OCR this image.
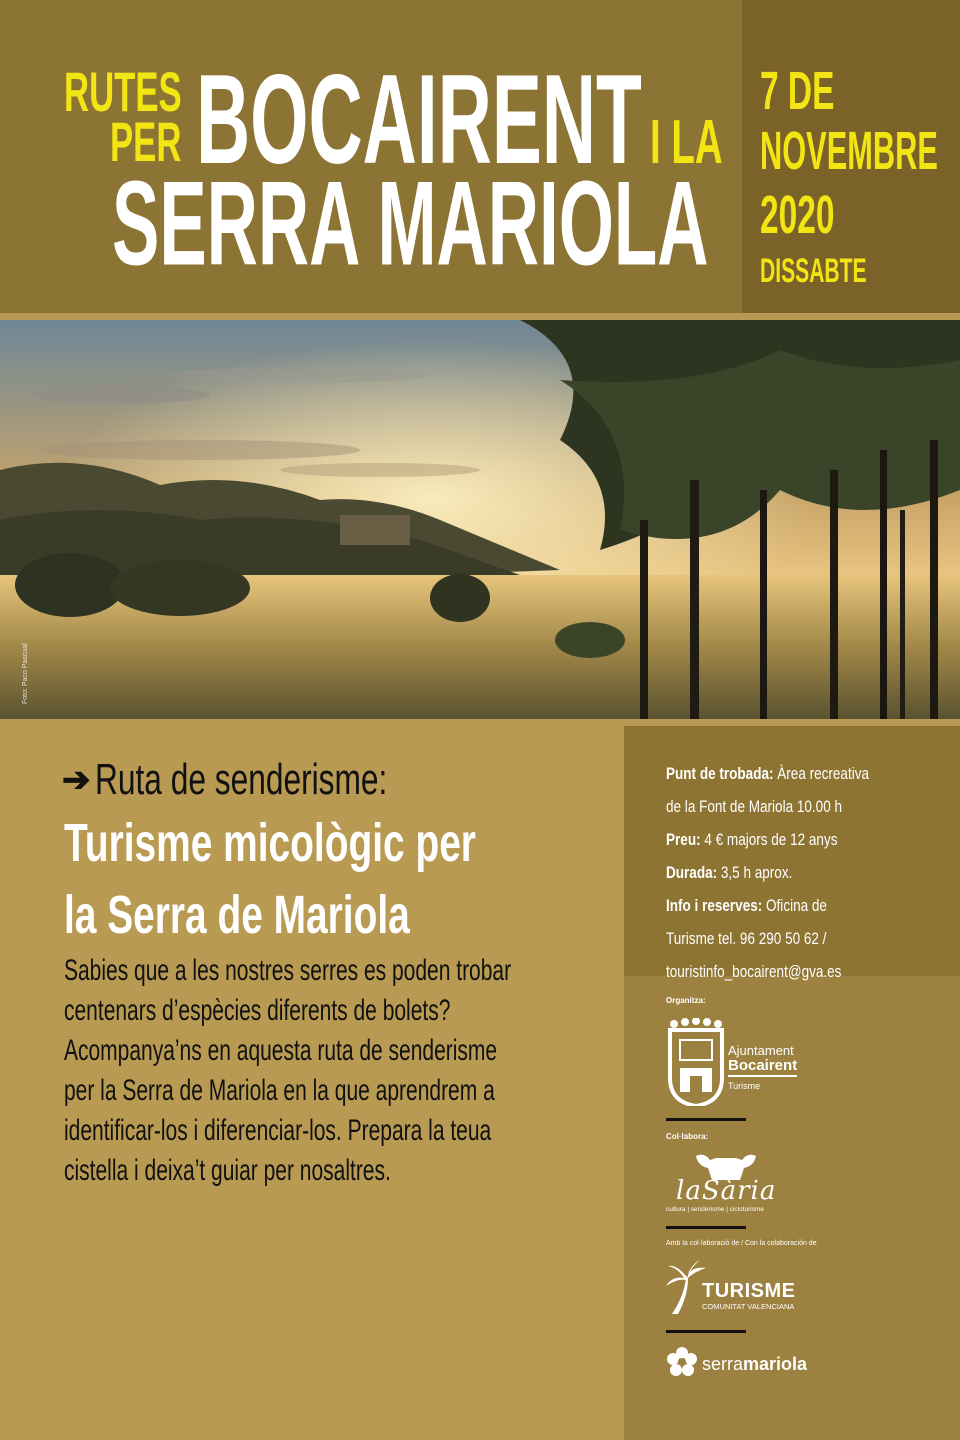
RUTES
PER BOCAIRENT I LA
SERRA MARIOLA
7 DE
NOVEMBRE
2020
DISSABTE
Foto: Paco Pascual
➔ Ruta de senderisme:
Turisme micològic per
la Serra de Mariola
Sabies que a les nostres serres es poden trobar
centenars d’espècies diferents de bolets?
Acompanya’ns en aquesta ruta de senderisme
per la Serra de Mariola en la que aprendrem a
identificar-los i diferenciar-los. Prepara la teua
cistella i deixa’t guiar per nosaltres.
Punt de trobada: Àrea recreativa
de la Font de Mariola 10.00 h
Preu: 4 € majors de 12 anys
Durada: 3,5 h aprox.
Info i reserves: Oficina de
Turisme tel. 96 290 50 62 /
touristinfo_bocairent@gva.es
Organitza:
Ajuntament
Bocairent
Turisme
Col·labora:
laSària
cultura | senderisme | cicloturisme
Amb la col·laboració de / Con la colaboración de
TURISME
COMUNITAT VALENCIANA
serramariola
